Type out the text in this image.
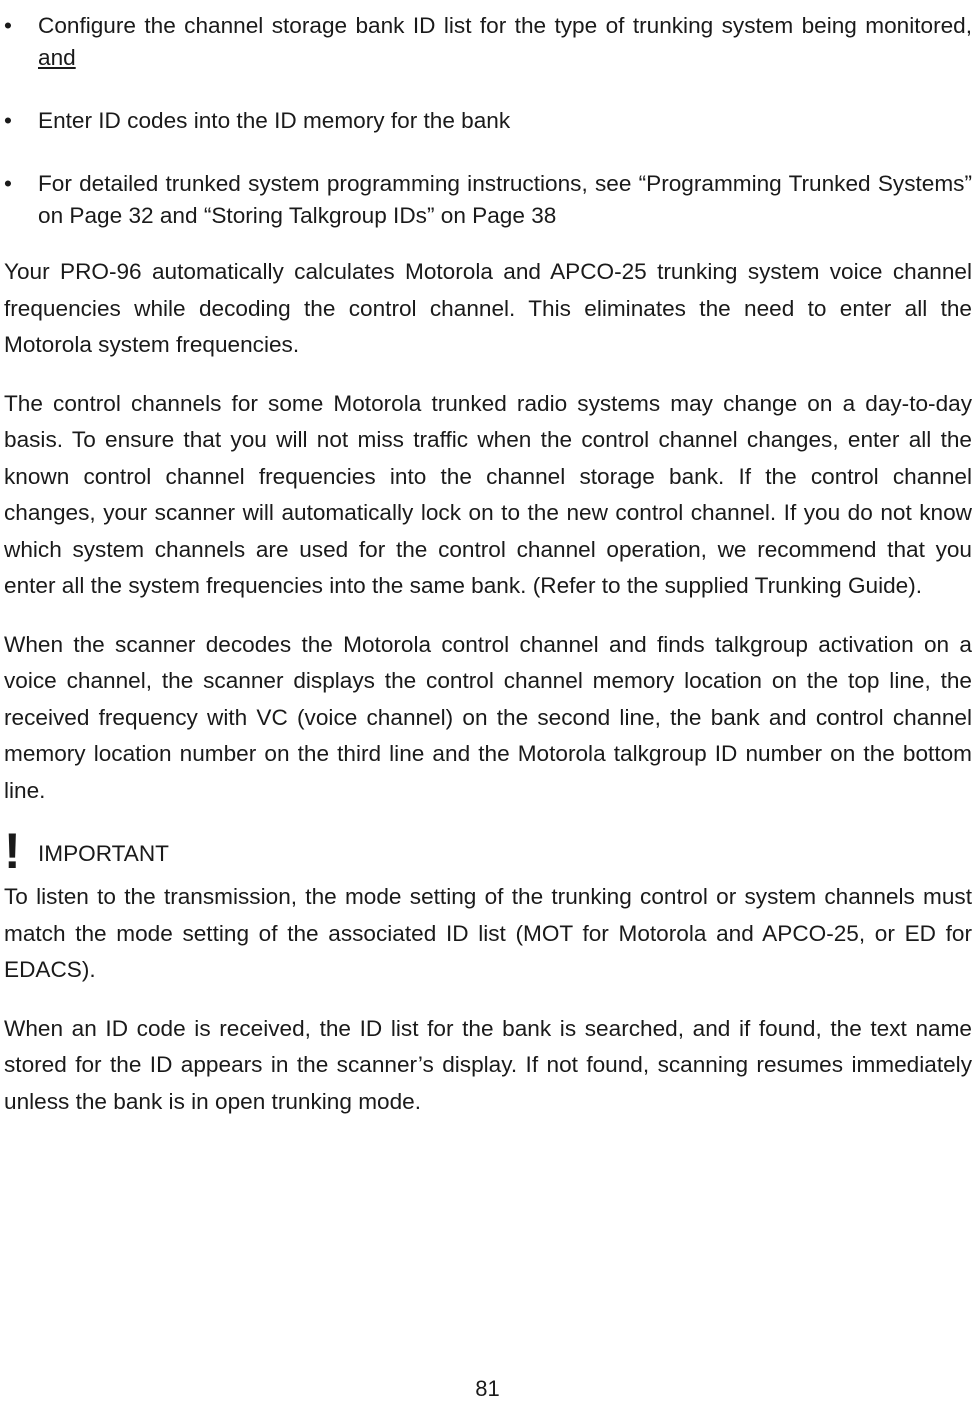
•	Configure the channel storage bank ID list for the type of trunking system being monitored, and
•	Enter ID codes into the ID memory for the bank
•	For detailed trunked system programming instructions, see “Programming Trunked Systems” on Page 32 and “Storing Talkgroup IDs” on Page 38

Your PRO-96 automatically calculates Motorola and APCO-25 trunking system voice channel frequencies while decoding the control channel. This eliminates the need to enter all the Motorola system frequencies.

The control channels for some Motorola trunked radio systems may change on a day-to-day basis. To ensure that you will not miss traffic when the control channel changes, enter all the known control channel frequencies into the channel storage bank. If the control channel changes, your scanner will automatically lock on to the new control channel. If you do not know which system channels are used for the control channel operation, we recommend that you enter all the system frequencies into the same bank. (Refer to the supplied Trunking Guide).

When the scanner decodes the Motorola control channel and finds talkgroup activation on a voice channel, the scanner displays the control channel memory location on the top line, the received frequency with VC (voice channel) on the second line, the bank and control channel memory location number on the third line and the Motorola talkgroup ID number on the bottom line.

! IMPORTANT

To listen to the transmission, the mode setting of the trunking control or system channels must match the mode setting of the associated ID list (MOT for Motorola and APCO-25, or ED for EDACS).

When an ID code is received, the ID list for the bank is searched, and if found, the text name stored for the ID appears in the scanner’s display. If not found, scanning resumes immediately unless the bank is in open trunking mode.

81
